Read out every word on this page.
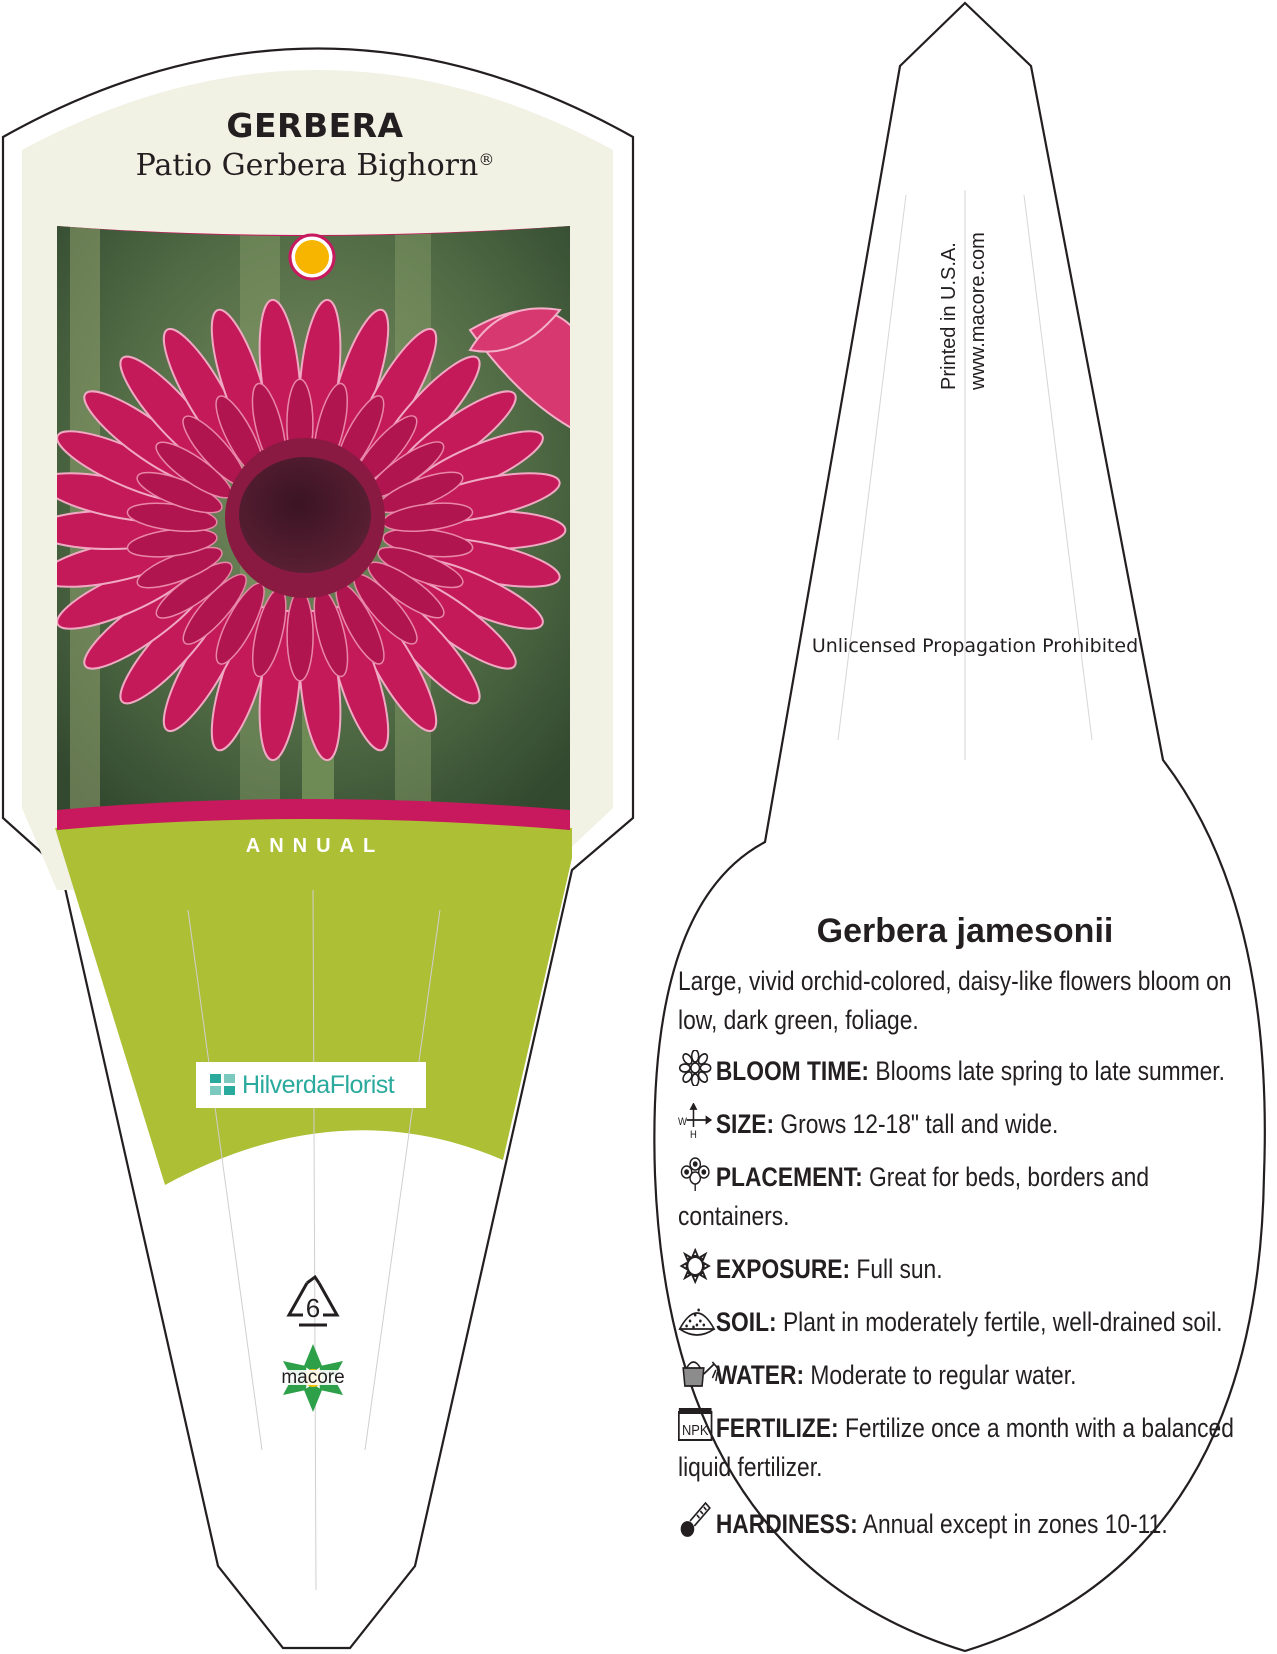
6
macore
GERBERA
Patio Gerbera Bighorn®
ANNUAL
HilverdaFlorist
Printed in U.S.A. www.macore.com
Unlicensed Propagation Prohibited
Gerbera jamesonii

Large, vivid orchid-colored, daisy-like flowers bloom on low, dark green, foliage.

BLOOM TIME: Blooms late spring to late summer.
W
H SIZE: Grows 12-18" tall and wide.
PLACEMENT: Great for beds, borders and containers.
EXPOSURE: Full sun.
SOIL: Plant in moderately fertile, well-drained soil.
WATER: Moderate to regular water.
NPK FERTILIZE: Fertilize once a month with a balanced liquid fertilizer.
HARDINESS: Annual except in zones 10-11.
